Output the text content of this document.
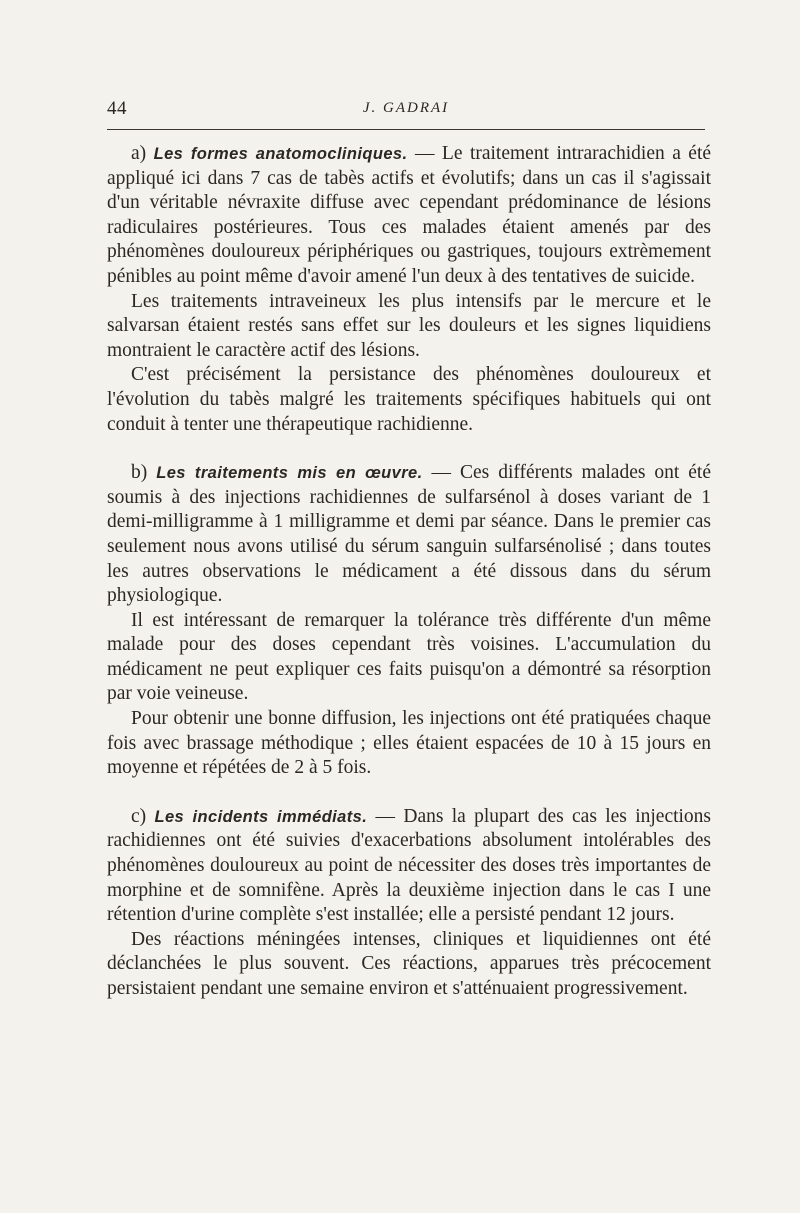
44	J. GADRAI

a) Les formes anatomocliniques. — Le traitement intrarachidien a été appliqué ici dans 7 cas de tabès actifs et évolutifs; dans un cas il s'agissait d'un véritable névraxite diffuse avec cependant prédominance de lésions radiculaires postérieures. Tous ces malades étaient amenés par des phénomènes douloureux périphériques ou gastriques, toujours extrèmement pénibles au point même d'avoir amené l'un deux à des tentatives de suicide.

Les traitements intraveineux les plus intensifs par le mercure et le salvarsan étaient restés sans effet sur les douleurs et les signes liquidiens montraient le caractère actif des lésions.

C'est précisément la persistance des phénomènes douloureux et l'évolution du tabès malgré les traitements spécifiques habituels qui ont conduit à tenter une thérapeutique rachidienne.

b) Les traitements mis en œuvre. — Ces différents malades ont été soumis à des injections rachidiennes de sulfarsénol à doses variant de 1 demi-milligramme à 1 milligramme et demi par séance. Dans le premier cas seulement nous avons utilisé du sérum sanguin sulfarsénolisé ; dans toutes les autres observations le médicament a été dissous dans du sérum physiologique.

Il est intéressant de remarquer la tolérance très différente d'un même malade pour des doses cependant très voisines. L'accumulation du médicament ne peut expliquer ces faits puisqu'on a démontré sa résorption par voie veineuse.

Pour obtenir une bonne diffusion, les injections ont été pratiquées chaque fois avec brassage méthodique ; elles étaient espacées de 10 à 15 jours en moyenne et répétées de 2 à 5 fois.

c) Les incidents immédiats. — Dans la plupart des cas les injections rachidiennes ont été suivies d'exacerbations absolument intolérables des phénomènes douloureux au point de nécessiter des doses très importantes de morphine et de somnifène. Après la deuxième injection dans le cas I une rétention d'urine complète s'est installée; elle a persisté pendant 12 jours.

Des réactions méningées intenses, cliniques et liquidiennes ont été déclanchées le plus souvent. Ces réactions, apparues très précocement persistaient pendant une semaine environ et s'atténuaient progressivement.
